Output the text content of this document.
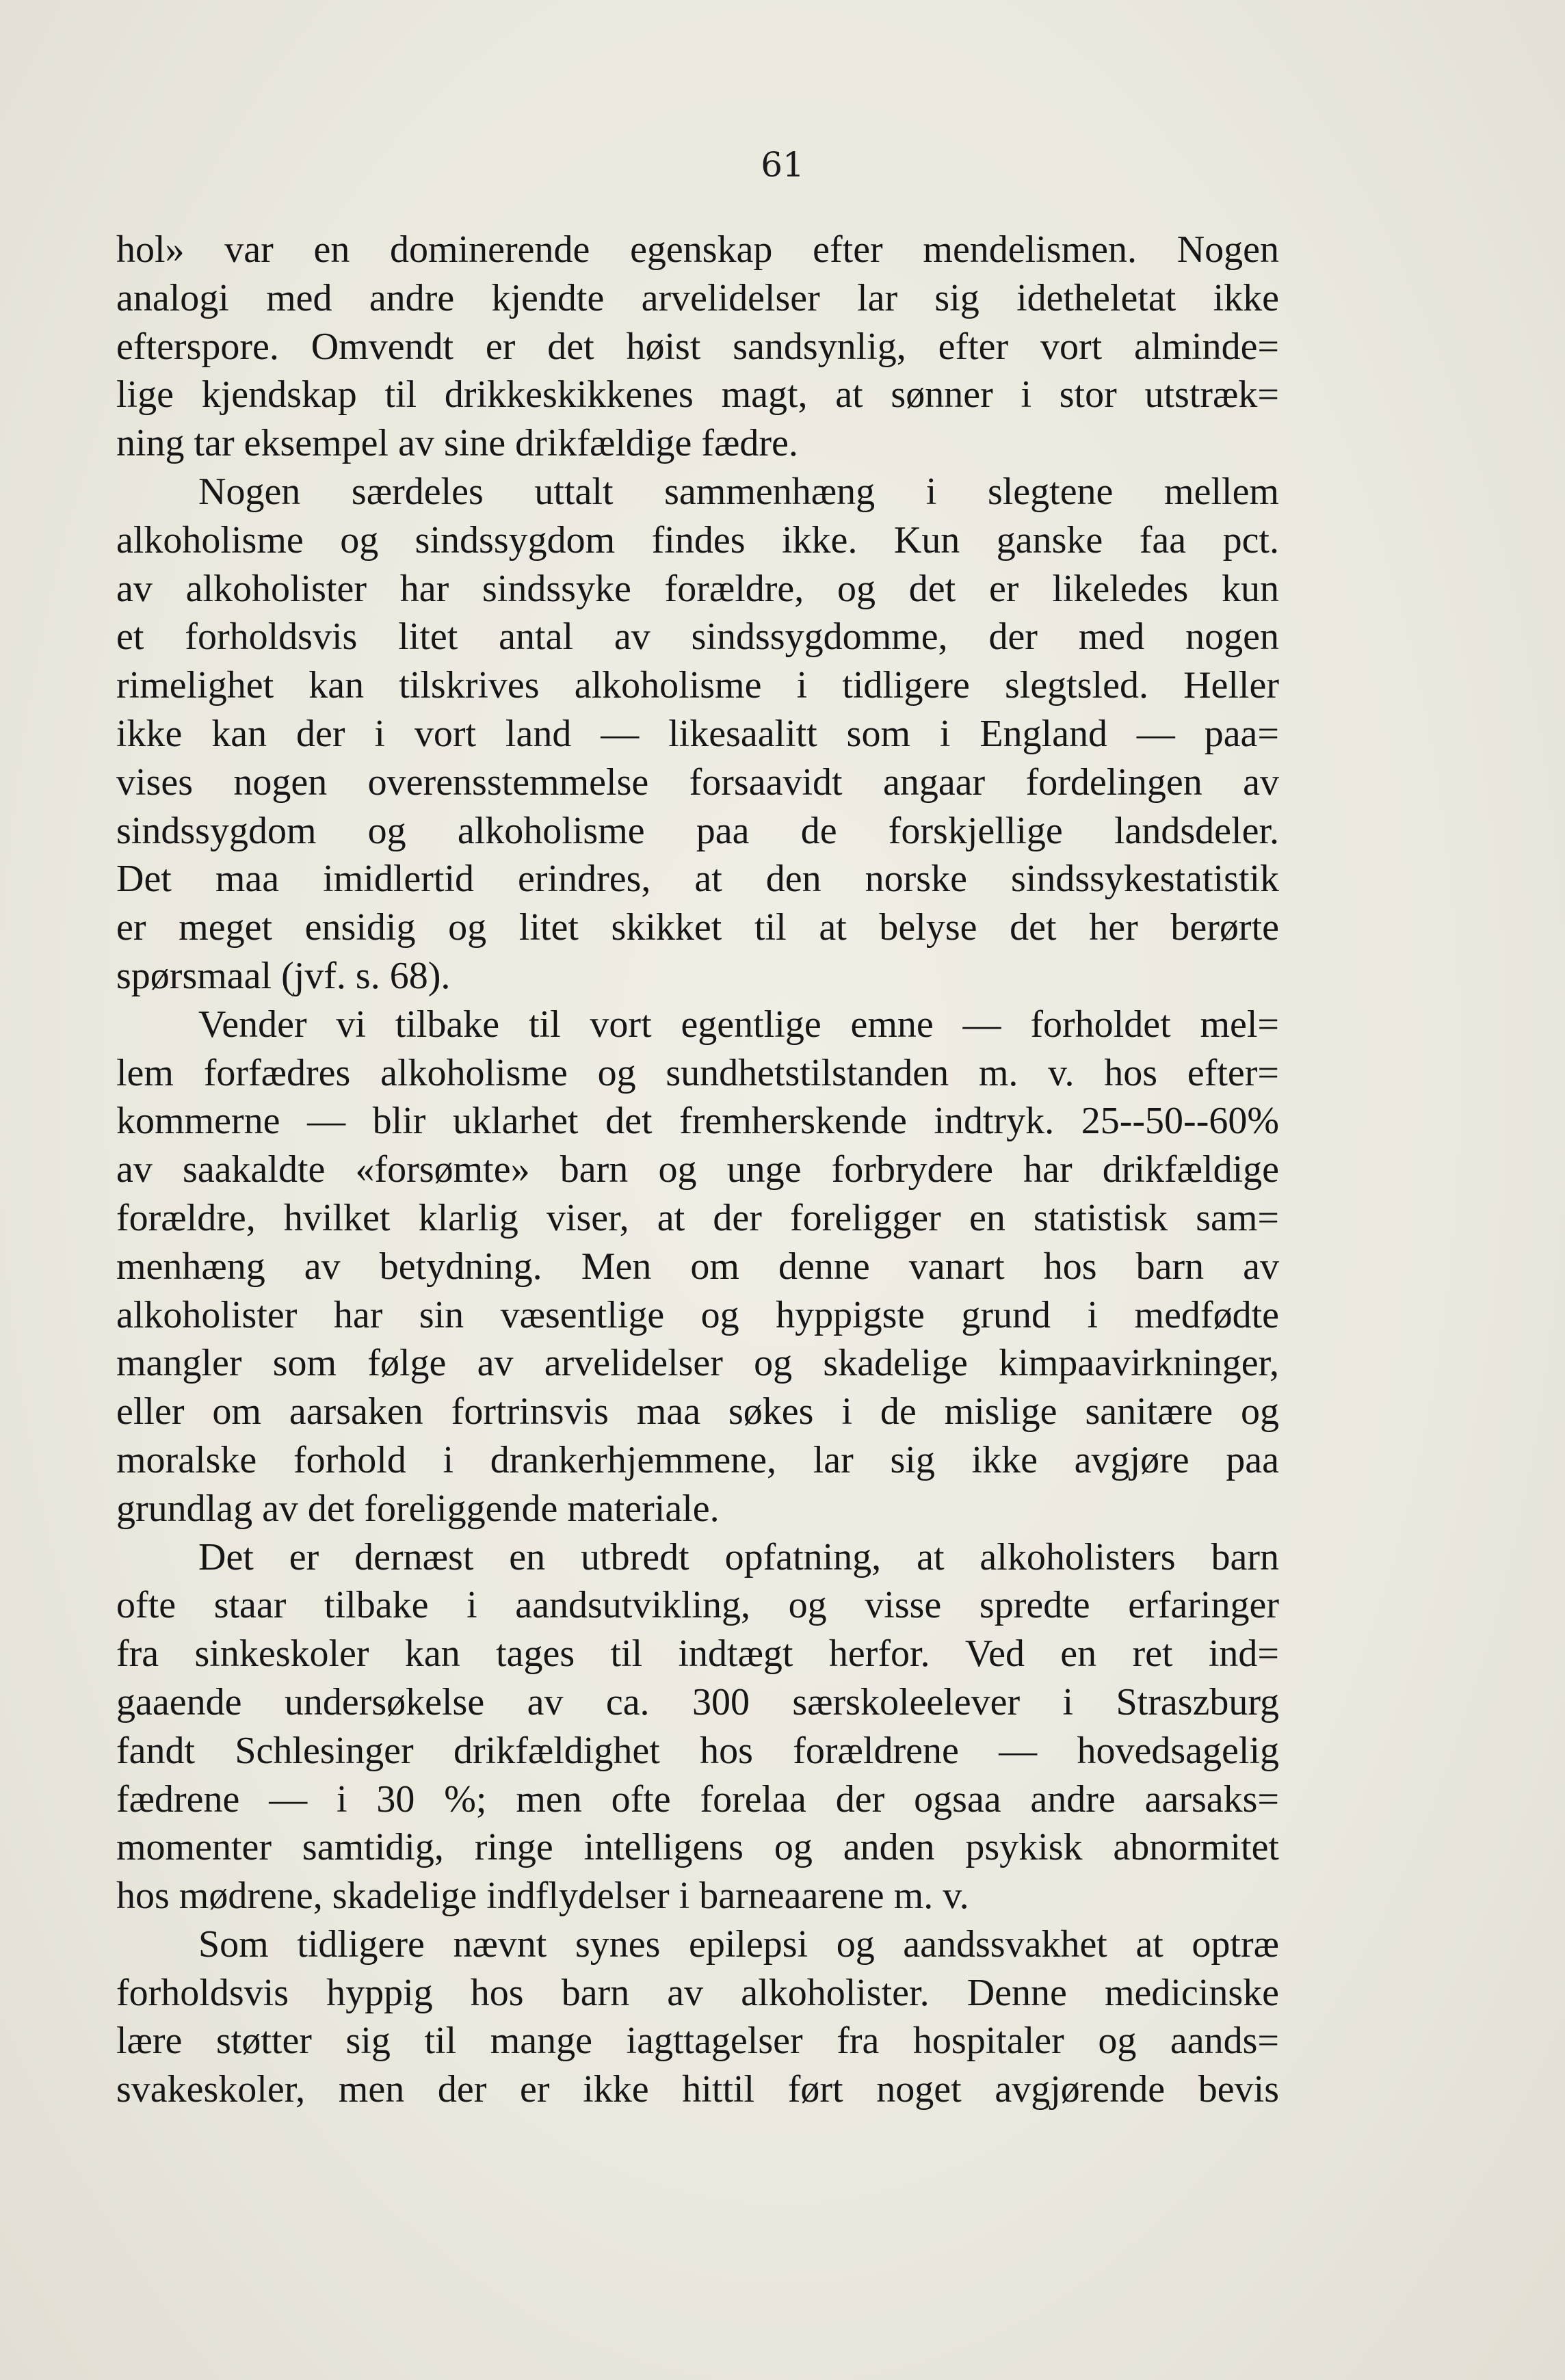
61
hol» var en dominerende egenskap efter mendelismen. Nogen
analogi med andre kjendte arvelidelser lar sig idetheletat ikke
efterspore. Omvendt er det høist sandsynlig, efter vort alminde=
lige kjendskap til drikkeskikkenes magt, at sønner i stor utstræk=
ning tar eksempel av sine drikfældige fædre.
Nogen særdeles uttalt sammenhæng i slegtene mellem
alkoholisme og sindssygdom findes ikke. Kun ganske faa pct.
av alkoholister har sindssyke forældre, og det er likeledes kun
et forholdsvis litet antal av sindssygdomme, der med nogen
rimelighet kan tilskrives alkoholisme i tidligere slegtsled. Heller
ikke kan der i vort land — likesaalitt som i England — paa=
vises nogen overensstemmelse forsaavidt angaar fordelingen av
sindssygdom og alkoholisme paa de forskjellige landsdeler.
Det maa imidlertid erindres, at den norske sindssykestatistik
er meget ensidig og litet skikket til at belyse det her berørte
spørsmaal (jvf. s. 68).
Vender vi tilbake til vort egentlige emne — forholdet mel=
lem forfædres alkoholisme og sundhetstilstanden m. v. hos efter=
kommerne — blir uklarhet det fremherskende indtryk. 25--50--60%
av saakaldte «forsømte» barn og unge forbrydere har drikfældige
forældre, hvilket klarlig viser, at der foreligger en statistisk sam=
menhæng av betydning. Men om denne vanart hos barn av
alkoholister har sin væsentlige og hyppigste grund i medfødte
mangler som følge av arvelidelser og skadelige kimpaavirkninger,
eller om aarsaken fortrinsvis maa søkes i de mislige sanitære og
moralske forhold i drankerhjemmene, lar sig ikke avgjøre paa
grundlag av det foreliggende materiale.
Det er dernæst en utbredt opfatning, at alkoholisters barn
ofte staar tilbake i aandsutvikling, og visse spredte erfaringer
fra sinkeskoler kan tages til indtægt herfor. Ved en ret ind=
gaaende undersøkelse av ca. 300 særskoleelever i Straszburg
fandt Schlesinger drikfældighet hos forældrene — hovedsagelig
fædrene — i 30 %; men ofte forelaa der ogsaa andre aarsaks=
momenter samtidig, ringe intelligens og anden psykisk abnormitet
hos mødrene, skadelige indflydelser i barneaarene m. v.
Som tidligere nævnt synes epilepsi og aandssvakhet at optræ
forholdsvis hyppig hos barn av alkoholister. Denne medicinske
lære støtter sig til mange iagttagelser fra hospitaler og aands=
svakeskoler, men der er ikke hittil ført noget avgjørende bevis
